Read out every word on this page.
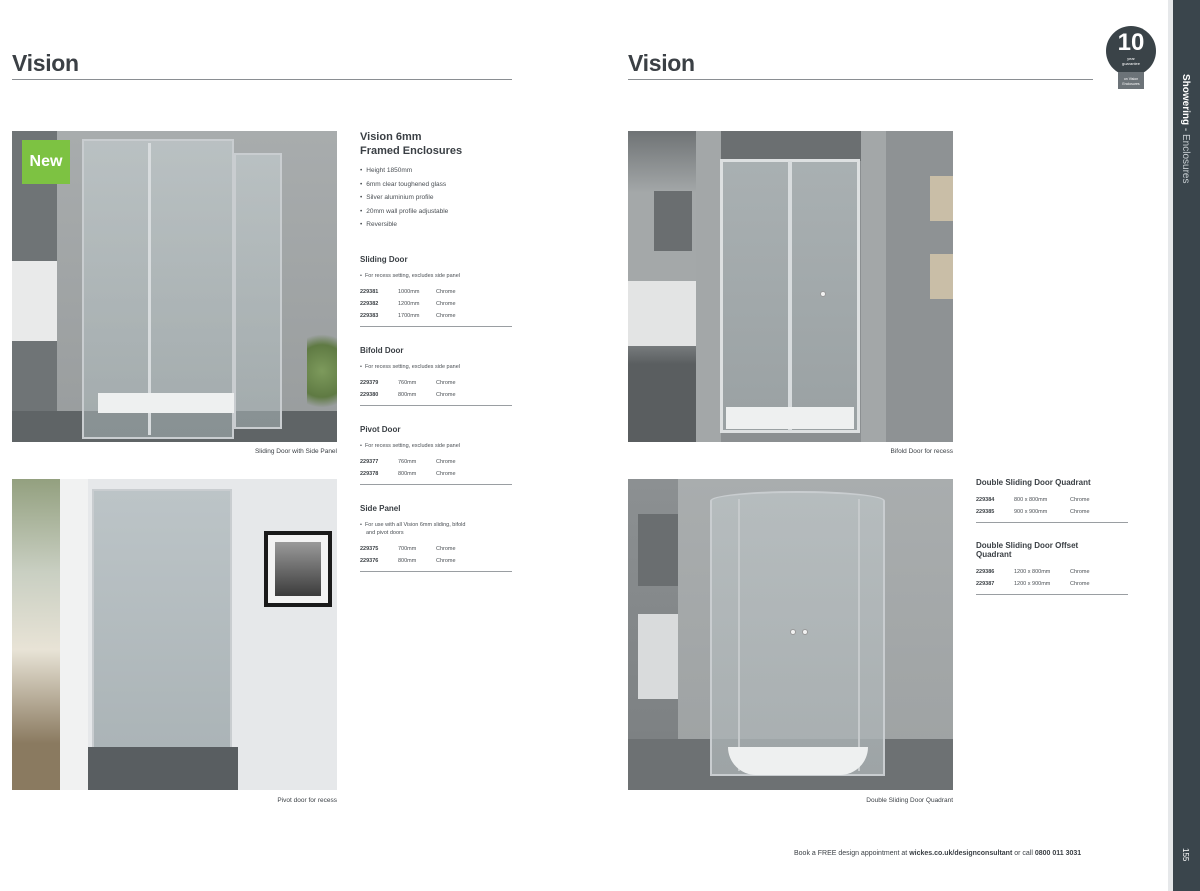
Vision
New
Sliding Door with Side Panel
Pivot door for recess
Vision 6mm
Framed Enclosures
• Height 1850mm
• 6mm clear toughened glass
• Silver aluminium profile
• 20mm wall profile adjustable
• Reversible
Sliding Door
• For recess setting, excludes side panel
229381	1000mm	Chrome
229382	1200mm	Chrome
229383	1700mm	Chrome
Bifold Door
• For recess setting, excludes side panel
229379	760mm	Chrome
229380	800mm	Chrome
Pivot Door
• For recess setting, excludes side panel
229377	760mm	Chrome
229378	800mm	Chrome
Side Panel
• For use with all Vision 6mm sliding, bifold
and pivot doors
229375	700mm	Chrome
229376	800mm	Chrome
Vision
10
year
guarantee
on Vision
Enclosures
Bifold Door for recess
Double Sliding Door Quadrant
Double Sliding Door Quadrant
229384	800 x 800mm	Chrome
229385	900 x 900mm	Chrome
Double Sliding Door Offset
Quadrant
229386	1200 x 800mm	Chrome
229387	1200 x 900mm	Chrome
Book a FREE design appointment at wickes.co.uk/designconsultant or call 0800 011 3031
Showering - Enclosures
155
